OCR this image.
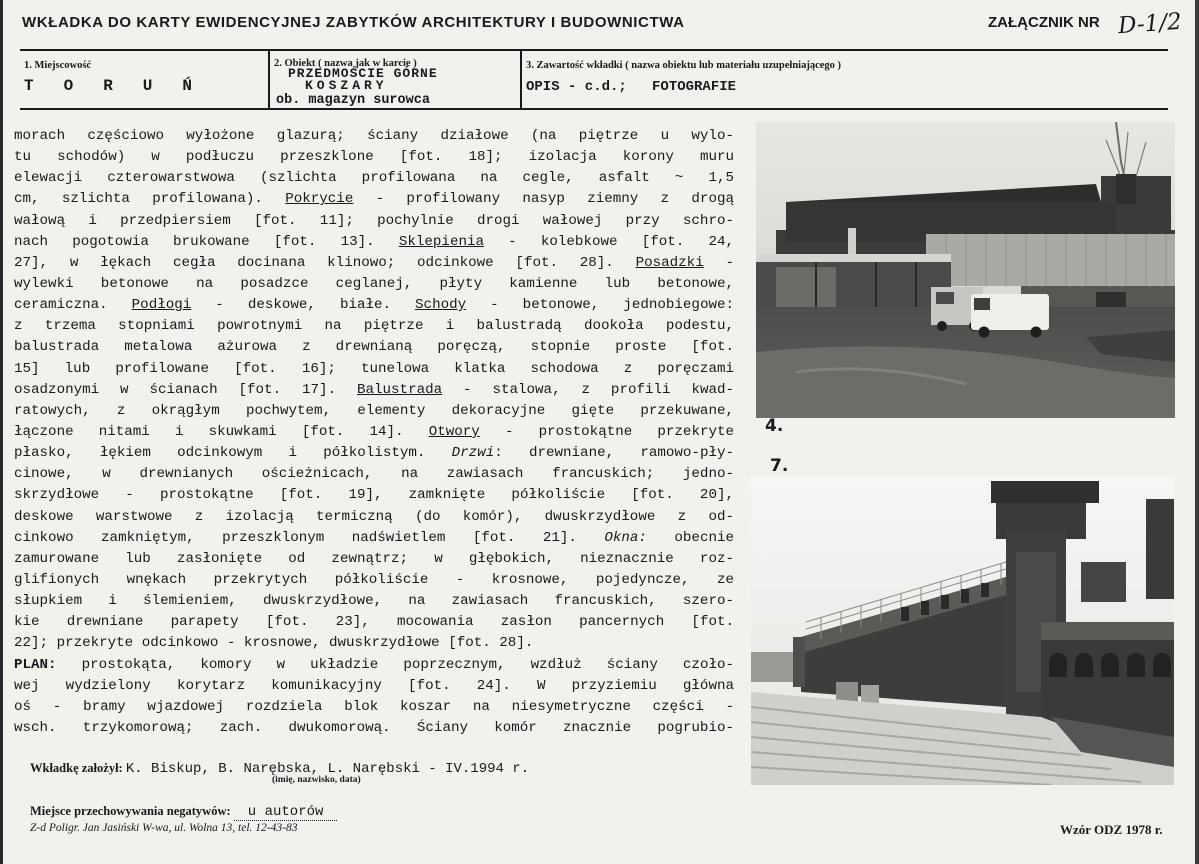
WKŁADKA DO KARTY EWIDENCYJNEJ ZABYTKÓW ARCHITEKTURY I BUDOWNICTWA	ZAŁĄCZNIK NR D-1/2
1. Miejscowość
TORUŃ
2. Obiekt ( nazwa jak w karcie )
PRZEDMOŚCIE GÓRNE
KOSZARY
ob. magazyn surowca
3. Zawartość wkładki ( nazwa obiektu lub materiału uzupełniającego )
OPIS - c.d.;   FOTOGRAFIE
morach częściowo wyłożone glazurą; ściany działowe (na piętrze u wylo-
tu schodów) w podłuczu przeszklone [fot. 18]; izolacja korony muru
elewacji czterowarstwowa (szlichta profilowana na cegle, asfalt ~ 1,5
cm, szlichta profilowana). Pokrycie - profilowany nasyp ziemny z drogą
wałową i przedpiersiem [fot. 11]; pochylnie drogi wałowej przy schro-
nach pogotowia brukowane [fot. 13]. Sklepienia - kolebkowe [fot. 24,
27], w łękach cegła docinana klinowo; odcinkowe [fot. 28]. Posadzki -
wylewki betonowe na posadzce ceglanej, płyty kamienne lub betonowe,
ceramiczna. Podłogi - deskowe, białe. Schody - betonowe, jednobiegowe:
z trzema stopniami powrotnymi na piętrze i balustradą dookoła podestu,
balustrada metalowa ażurowa z drewnianą poręczą, stopnie proste [fot.
15] lub profilowane [fot. 16]; tunelowa klatka schodowa z poręczami
osadzonymi w ścianach [fot. 17]. Balustrada - stalowa, z profili kwad-
ratowych, z okrągłym pochwytem, elementy dekoracyjne gięte przekuwane,
łączone nitami i skuwkami [fot. 14]. Otwory - prostokątne przekryte
płasko, łękiem odcinkowym i półkolistym. Drzwi: drewniane, ramowo-pły-
cinowe, w drewnianych ościeżnicach, na zawiasach francuskich; jedno-
skrzydłowe - prostokątne [fot. 19], zamknięte półkoliście [fot. 20],
deskowe warstwowe z izolacją termiczną (do komór), dwuskrzydłowe z od-
cinkowo zamkniętym, przeszklonym nadświetlem [fot. 21]. Okna: obecnie
zamurowane lub zasłonięte od zewnątrz; w głębokich, nieznacznie roz-
glifionych wnękach przekrytych półkoliście - krosnowe, pojedyncze, ze
słupkiem i ślemieniem, dwuskrzydłowe, na zawiasach francuskich, szero-
kie drewniane parapety [fot. 23], mocowania zasłon pancernych [fot.
22]; przekryte odcinkowo - krosnowe, dwuskrzydłowe [fot. 28].
PLAN: prostokąta, komory w układzie poprzecznym, wzdłuż ściany czoło-
wej wydzielony korytarz komunikacyjny [fot. 24]. W przyziemiu główna
oś - bramy wjazdowej rozdziela blok koszar na niesymetryczne części -
wsch. trzykomorową; zach. dwukomorową. Ściany komór znacznie pogrubio-
4.
7.
Wkładkę założył: K. Biskup, B. Narębska, L. Narębski - IV.1994 r.
(imię, nazwisko, data)
Miejsce przechowywania negatywów: u autorów
Z-d Poligr. Jan Jasiński W-wa, ul. Wolna 13, tel. 12-43-83	Wzór ODZ 1978 r.
